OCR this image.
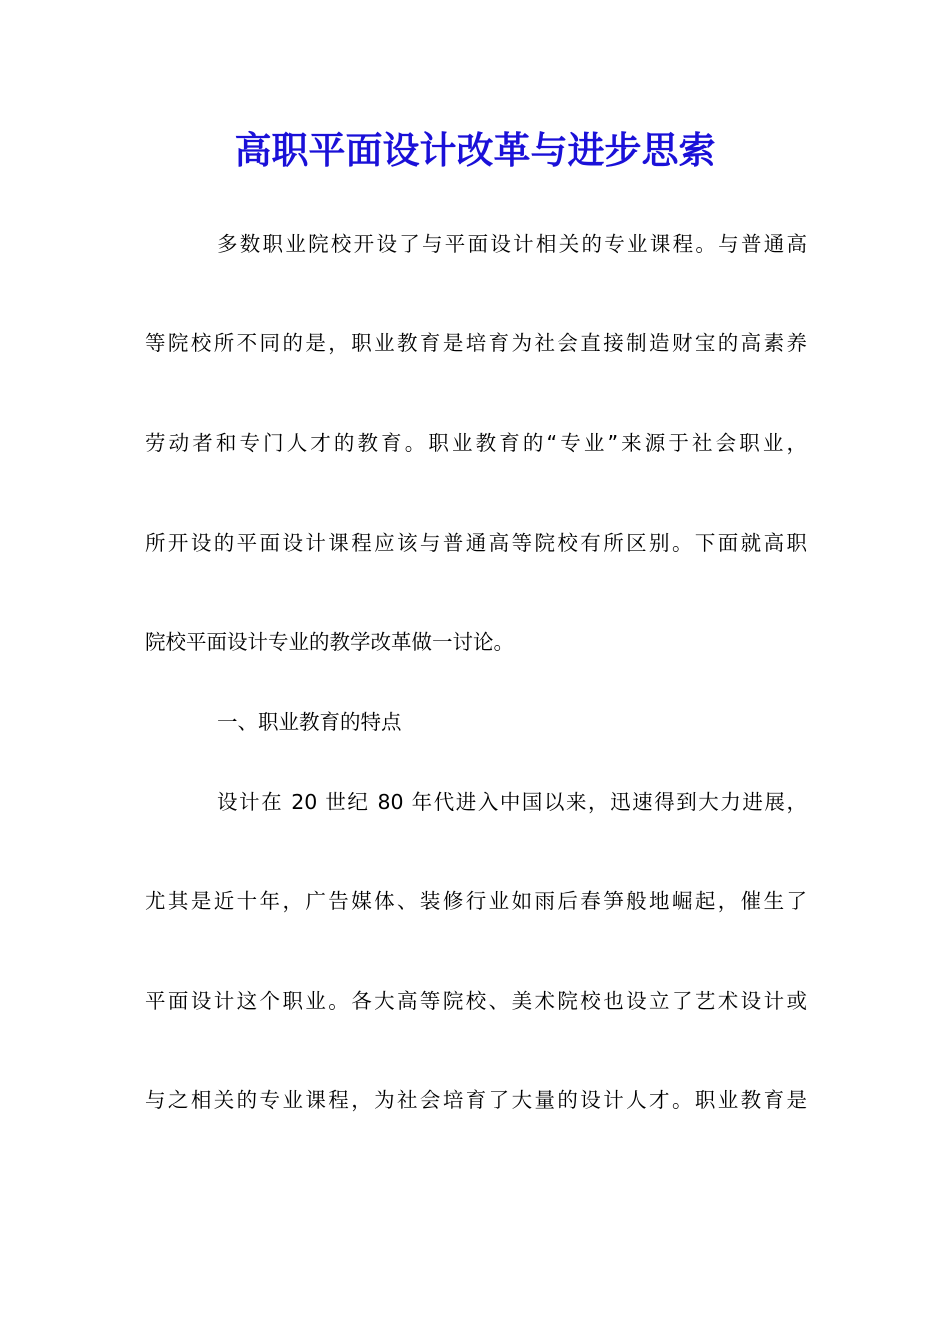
高职平面设计改革与进步思索

多数职业院校开设了与平面设计相关的专业课程。与普通高

等院校所不同的是，职业教育是培育为社会直接制造财宝的高素养

劳动者和专门人才的教育。职业教育的“专业”来源于社会职业，

所开设的平面设计课程应该与普通高等院校有所区别。下面就高职

院校平面设计专业的教学改革做一讨论。

一、职业教育的特点

设计在 20 世纪 80 年代进入中国以来，迅速得到大力进展，

尤其是近十年，广告媒体、装修行业如雨后春笋般地崛起，催生了

平面设计这个职业。各大高等院校、美术院校也设立了艺术设计或

与之相关的专业课程，为社会培育了大量的设计人才。职业教育是
